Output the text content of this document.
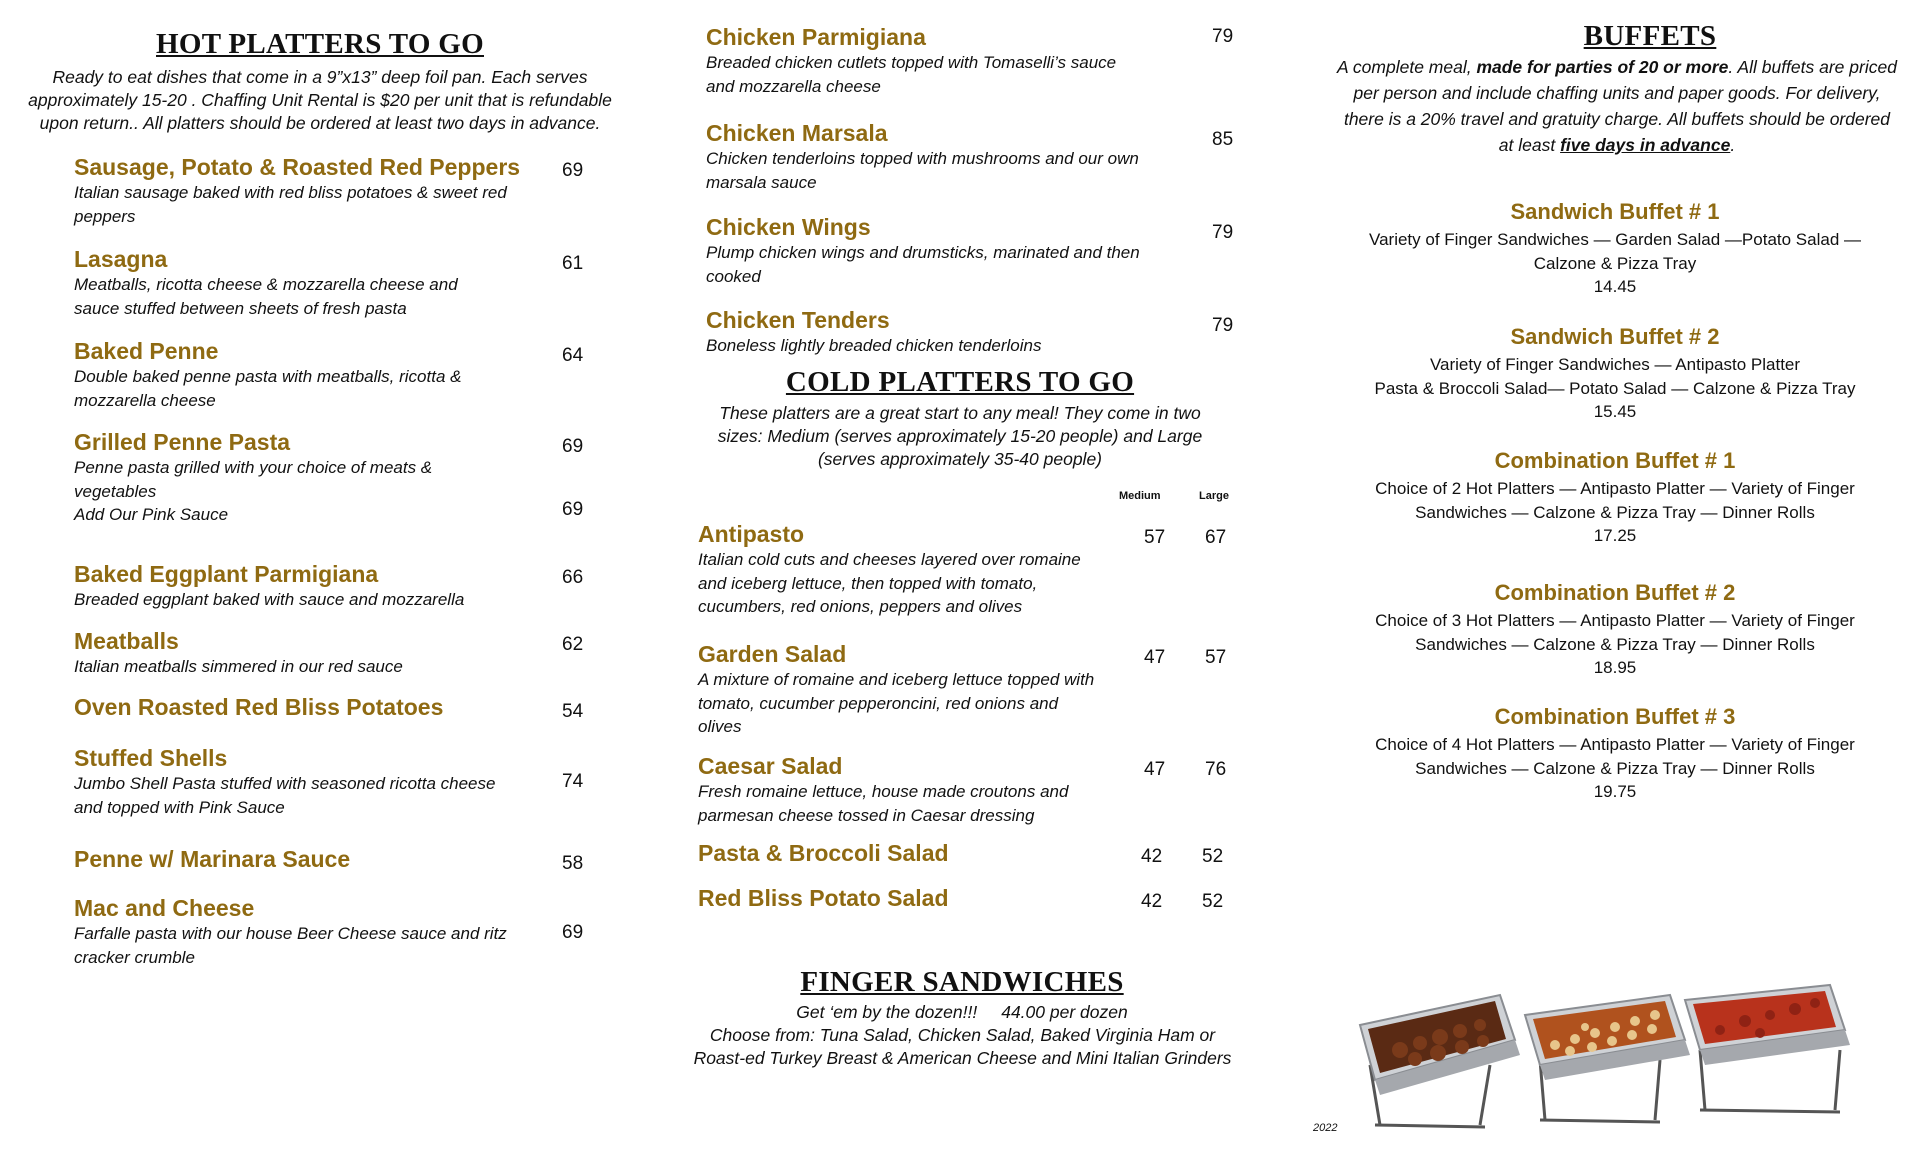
HOT PLATTERS TO GO
Ready to eat dishes that come in a 9”x13” deep foil pan. Each serves approximately 15-20 . Chaffing Unit Rental is $20 per unit that is refundable upon return.. All platters should be ordered at least two days in advance.
Sausage, Potato & Roasted Red Peppers
Italian sausage baked with red bliss potatoes & sweet red peppers
69
Lasagna
Meatballs, ricotta cheese & mozzarella cheese and sauce stuffed between sheets of fresh pasta
61
Baked Penne
Double baked penne pasta with meatballs, ricotta & mozzarella cheese
64
Grilled Penne Pasta
Penne pasta grilled with your choice of meats & vegetables
Add Our Pink Sauce
69
69
Baked Eggplant Parmigiana
Breaded eggplant baked with sauce and mozzarella
66
Meatballs
Italian meatballs simmered in our red sauce
62
Oven Roasted Red Bliss Potatoes	54
Stuffed Shells
Jumbo Shell Pasta stuffed with seasoned ricotta cheese and topped with Pink Sauce
74
Penne w/ Marinara Sauce	58
Mac and Cheese
Farfalle pasta with our house Beer Cheese sauce and ritz cracker crumble
69
Chicken Parmigiana
Breaded chicken cutlets topped with Tomaselli’s sauce and mozzarella cheese
79
Chicken Marsala
Chicken tenderloins topped with mushrooms and our own marsala sauce
85
Chicken Wings
Plump chicken wings and drumsticks, marinated and then cooked
79
Chicken Tenders
Boneless lightly breaded chicken tenderloins
79
COLD PLATTERS TO GO
These platters are a great start to any meal! They come in two sizes: Medium (serves approximately 15-20 people) and Large (serves approximately 35-40 people)
Medium	Large
Antipasto
Italian cold cuts and cheeses layered over romaine and iceberg lettuce, then topped with tomato, cucumbers, red onions, peppers and olives
57 67
Garden Salad
A mixture of romaine and iceberg lettuce topped with tomato, cucumber pepperoncini, red onions and olives
47 57
Caesar Salad
Fresh romaine lettuce, house made croutons and parmesan cheese tossed in Caesar dressing
47 76
Pasta & Broccoli Salad	42 52
Red Bliss Potato Salad	42 52
FINGER SANDWICHES
Get ‘em by the dozen!!! 44.00 per dozen
Choose from: Tuna Salad, Chicken Salad, Baked Virginia Ham or Roast-ed Turkey Breast & American Cheese and Mini Italian Grinders
BUFFETS
A complete meal, made for parties of 20 or more. All buffets are priced per person and include chaffing units and paper goods. For delivery, there is a 20% travel and gratuity charge. All buffets should be ordered at least five days in advance.
Sandwich Buffet # 1
Variety of Finger Sandwiches — Garden Salad —Potato Salad —
Calzone & Pizza Tray
14.45
Sandwich Buffet # 2
Variety of Finger Sandwiches — Antipasto Platter
Pasta & Broccoli Salad— Potato Salad — Calzone & Pizza Tray
15.45
Combination Buffet # 1
Choice of 2 Hot Platters — Antipasto Platter — Variety of Finger
Sandwiches — Calzone & Pizza Tray — Dinner Rolls
17.25
Combination Buffet # 2
Choice of 3 Hot Platters — Antipasto Platter — Variety of Finger
Sandwiches — Calzone & Pizza Tray — Dinner Rolls
18.95
Combination Buffet # 3
Choice of 4 Hot Platters — Antipasto Platter — Variety of Finger
Sandwiches — Calzone & Pizza Tray — Dinner Rolls
19.75
2022
